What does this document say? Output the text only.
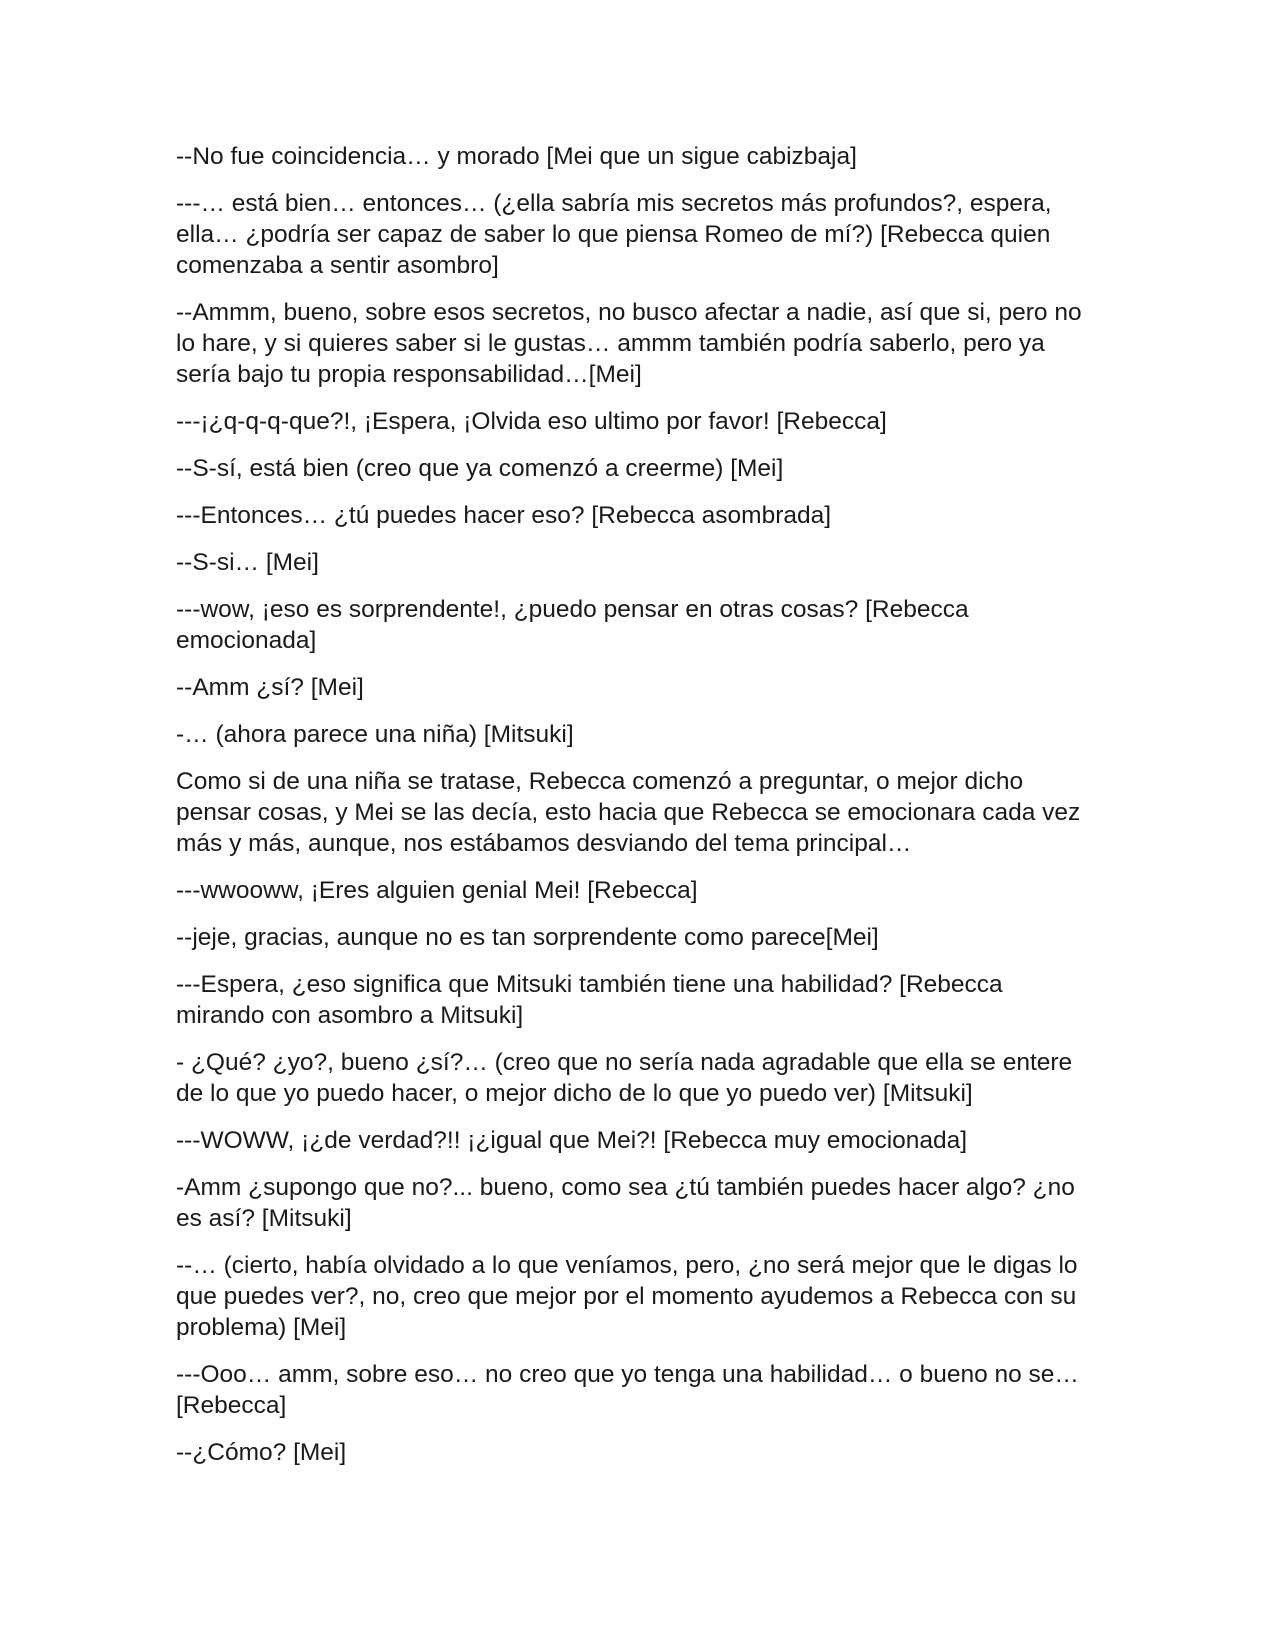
--No fue coincidencia… y morado [Mei que un sigue cabizbaja]

---… está bien… entonces… (¿ella sabría mis secretos más profundos?, espera, ella… ¿podría ser capaz de saber lo que piensa Romeo de mí?) [Rebecca quien comenzaba a sentir asombro]

--Ammm, bueno, sobre esos secretos, no busco afectar a nadie, así que si, pero no lo hare, y si quieres saber si le gustas… ammm también podría saberlo, pero ya sería bajo tu propia responsabilidad…[Mei]

---¡¿q-q-q-que?!, ¡Espera, ¡Olvida eso ultimo por favor! [Rebecca]

--S-sí, está bien (creo que ya comenzó a creerme) [Mei]

---Entonces… ¿tú puedes hacer eso? [Rebecca asombrada]

--S-si… [Mei]

---wow, ¡eso es sorprendente!, ¿puedo pensar en otras cosas? [Rebecca emocionada]

--Amm ¿sí? [Mei]

-… (ahora parece una niña) [Mitsuki]

Como si de una niña se tratase, Rebecca comenzó a preguntar, o mejor dicho pensar cosas, y Mei se las decía, esto hacia que Rebecca se emocionara cada vez más y más, aunque, nos estábamos desviando del tema principal…

---wwooww, ¡Eres alguien genial Mei! [Rebecca]

--jeje, gracias, aunque no es tan sorprendente como parece[Mei]

---Espera, ¿eso significa que Mitsuki también tiene una habilidad? [Rebecca mirando con asombro a Mitsuki]

- ¿Qué? ¿yo?, bueno ¿sí?… (creo que no sería nada agradable que ella se entere de lo que yo puedo hacer, o mejor dicho de lo que yo puedo ver) [Mitsuki]

---WOWW, ¡¿de verdad?!! ¡¿igual que Mei?! [Rebecca muy emocionada]

-Amm ¿supongo que no?... bueno, como sea ¿tú también puedes hacer algo? ¿no es así? [Mitsuki]

--… (cierto, había olvidado a lo que veníamos, pero, ¿no será mejor que le digas lo que puedes ver?, no, creo que mejor por el momento ayudemos a Rebecca con su problema) [Mei]

---Ooo… amm, sobre eso… no creo que yo tenga una habilidad… o bueno no se…[Rebecca]

--¿Cómo? [Mei]
